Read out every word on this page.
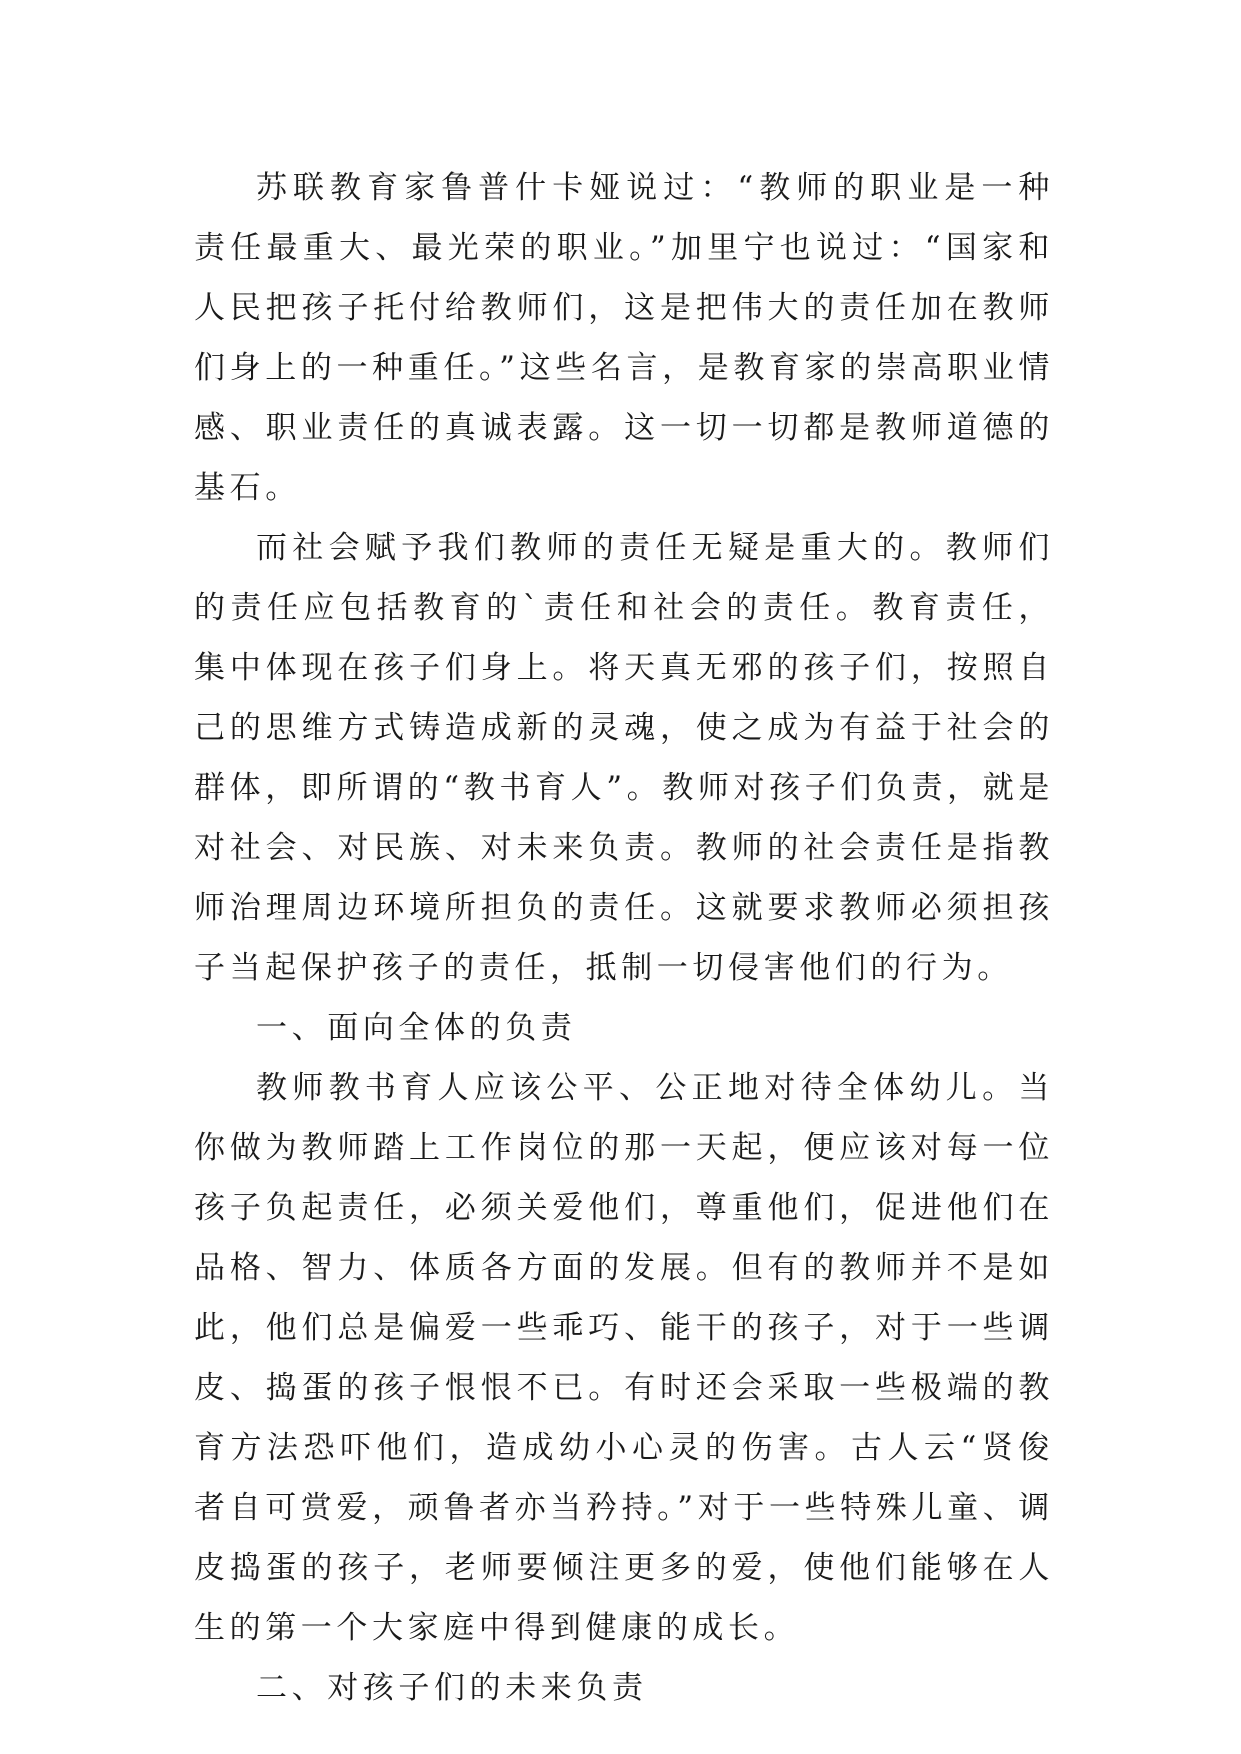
苏联教育家鲁普什卡娅说过：“教师的职业是一种责任最重大、最光荣的职业。”加里宁也说过：“国家和人民把孩子托付给教师们，这是把伟大的责任加在教师们身上的一种重任。”这些名言，是教育家的崇高职业情感、职业责任的真诚表露。这一切一切都是教师道德的基石。

而社会赋予我们教师的责任无疑是重大的。教师们的责任应包括教育的`责任和社会的责任。教育责任，集中体现在孩子们身上。将天真无邪的孩子们，按照自己的思维方式铸造成新的灵魂，使之成为有益于社会的群体，即所谓的“教书育人”。教师对孩子们负责，就是对社会、对民族、对未来负责。教师的社会责任是指教师治理周边环境所担负的责任。这就要求教师必须担孩子当起保护孩子的责任，抵制一切侵害他们的行为。

一、面向全体的负责

教师教书育人应该公平、公正地对待全体幼儿。当你做为教师踏上工作岗位的那一天起，便应该对每一位孩子负起责任，必须关爱他们，尊重他们，促进他们在品格、智力、体质各方面的发展。但有的教师并不是如此，他们总是偏爱一些乖巧、能干的孩子，对于一些调皮、捣蛋的孩子恨恨不已。有时还会采取一些极端的教育方法恐吓他们，造成幼小心灵的伤害。古人云“贤俊者自可赏爱，顽鲁者亦当矜持。”对于一些特殊儿童、调皮捣蛋的孩子，老师要倾注更多的爱，使他们能够在人生的第一个大家庭中得到健康的成长。

二、对孩子们的未来负责
